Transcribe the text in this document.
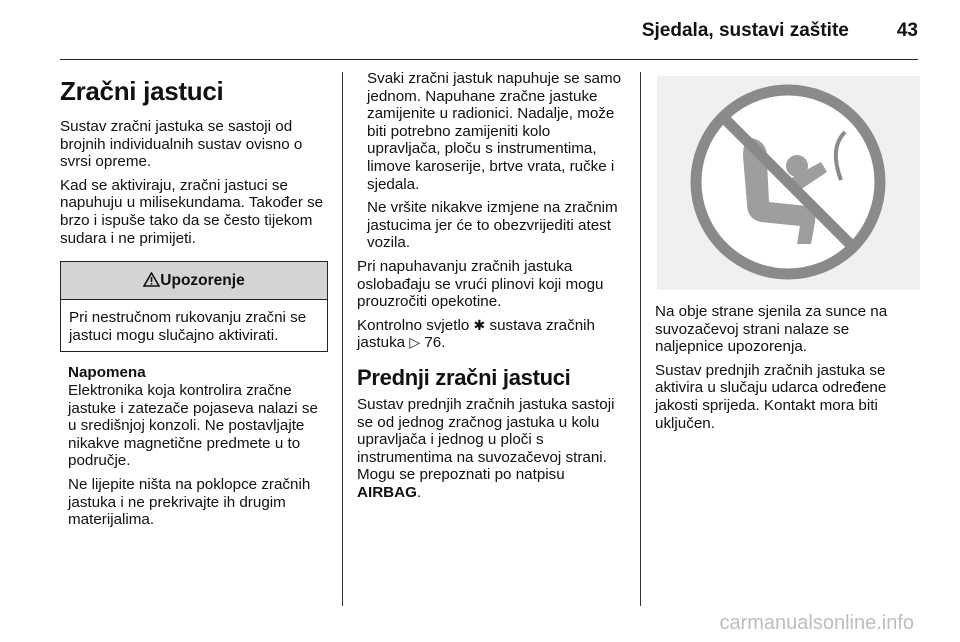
Sjedala, sustavi zaštite	43
Zračni jastuci

Sustav zračni jastuka se sastoji od brojnih individualnih sustav ovisno o svrsi opreme.

Kad se aktiviraju, zračni jastuci se napuhuju u milisekundama. Također se brzo i ispuše tako da se često tijekom sudara i ne primijeti.

Upozorenje
Pri nestručnom rukovanju zračni se jastuci mogu slučajno aktivirati.
Napomena

Elektronika koja kontrolira zračne jastuke i zatezače pojaseva nalazi se u središnjoj konzoli. Ne postavljajte nikakve magnetične predmete u to područje.

Ne lijepite ništa na poklopce zračnih jastuka i ne prekrivajte ih drugim materijalima.

Svaki zračni jastuk napuhuje se samo jednom. Napuhane zračne jastuke zamijenite u radionici. Nadalje, može biti potrebno zamijeniti kolo upravljača, ploču s instrumentima, limove karoserije, brtve vrata, ručke i sjedala.

Ne vršite nikakve izmjene na zračnim jastucima jer će to obezvrijediti atest vozila.

Pri napuhavanju zračnih jastuka oslobađaju se vrući plinovi koji mogu prouzročiti opekotine.

Kontrolno svjetlo ✱ sustava zračnih jastuka ▷ 76.

Prednji zračni jastuci

Sustav prednjih zračnih jastuka sastoji se od jednog zračnog jastuka u kolu upravljača i jednog u ploči s instrumentima na suvozačevoj strani. Mogu se prepoznati po natpisu AIRBAG.

Na obje strane sjenila za sunce na suvozačevoj strani nalaze se naljepnice upozorenja.

Sustav prednjih zračnih jastuka se aktivira u slučaju udarca određene jakosti sprijeda. Kontakt mora biti uključen.

carmanualsonline.info
